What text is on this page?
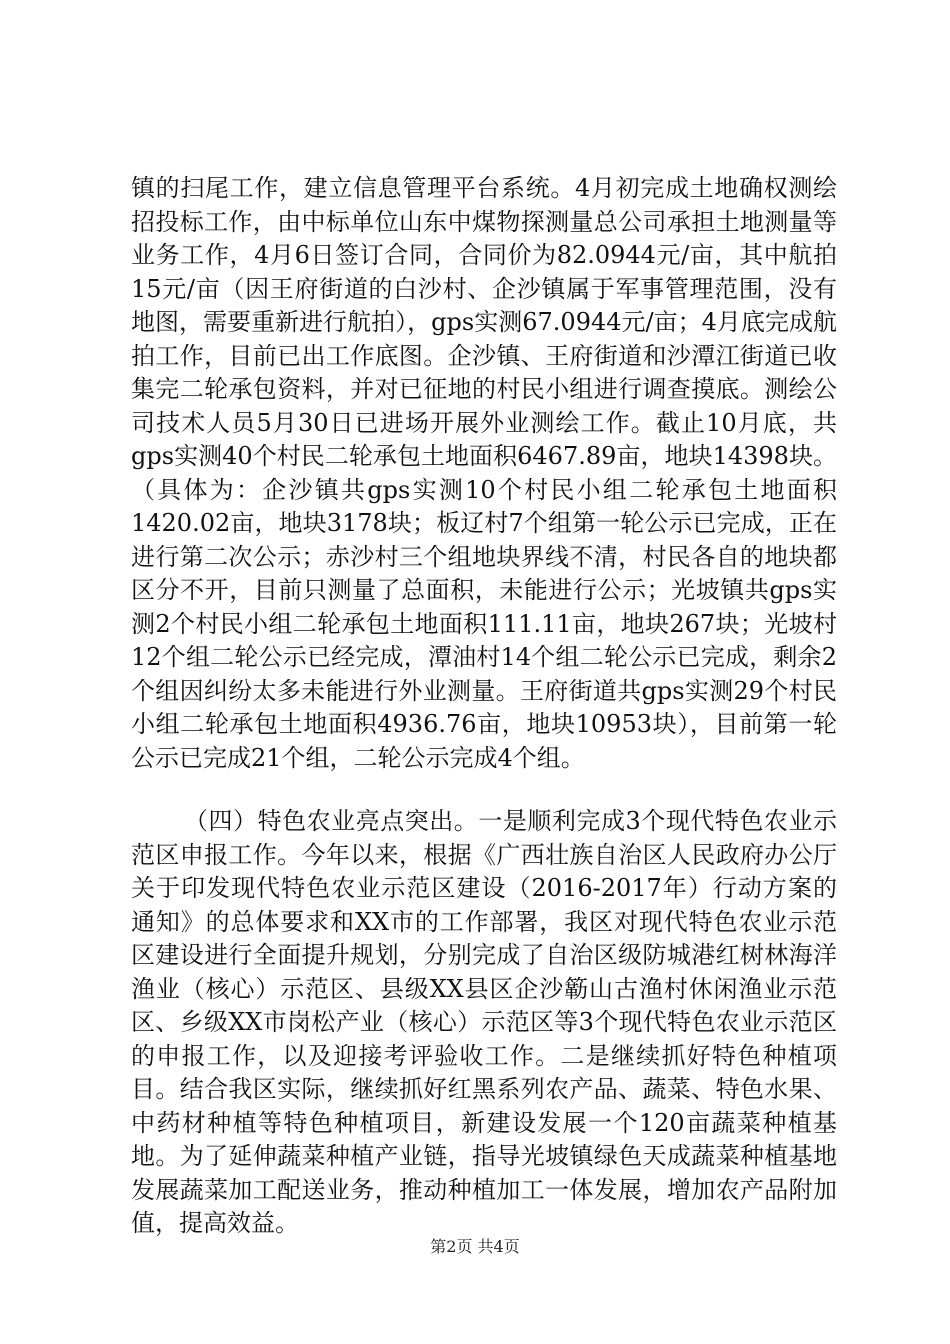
镇的扫尾工作，建立信息管理平台系统。4月初完成土地确权测绘招投标工作，由中标单位山东中煤物探测量总公司承担土地测量等业务工作，4月6日签订合同，合同价为82.0944元/亩，其中航拍15元/亩（因王府街道的白沙村、企沙镇属于军事管理范围，没有地图，需要重新进行航拍），gps实测67.0944元/亩；4月底完成航拍工作，目前已出工作底图。企沙镇、王府街道和沙潭江街道已收集完二轮承包资料，并对已征地的村民小组进行调查摸底。测绘公司技术人员5月30日已进场开展外业测绘工作。截止10月底，共gps实测40个村民二轮承包土地面积6467.89亩，地块14398块。（具体为：企沙镇共gps实测10个村民小组二轮承包土地面积1420.02亩，地块3178块；板辽村7个组第一轮公示已完成，正在进行第二次公示；赤沙村三个组地块界线不清，村民各自的地块都区分不开，目前只测量了总面积，未能进行公示；光坡镇共gps实测2个村民小组二轮承包土地面积111.11亩，地块267块；光坡村12个组二轮公示已经完成，潭油村14个组二轮公示已完成，剩余2个组因纠纷太多未能进行外业测量。王府街道共gps实测29个村民小组二轮承包土地面积4936.76亩，地块10953块），目前第一轮公示已完成21个组，二轮公示完成4个组。

（四）特色农业亮点突出。一是顺利完成3个现代特色农业示范区申报工作。今年以来，根据《广西壮族自治区人民政府办公厅关于印发现代特色农业示范区建设（2016-2017年）行动方案的通知》的总体要求和XX市的工作部署，我区对现代特色农业示范区建设进行全面提升规划，分别完成了自治区级防城港红树林海洋渔业（核心）示范区、县级XX县区企沙簕山古渔村休闲渔业示范区、乡级XX市岗松产业（核心）示范区等3个现代特色农业示范区的申报工作，以及迎接考评验收工作。二是继续抓好特色种植项目。结合我区实际，继续抓好红黑系列农产品、蔬菜、特色水果、中药材种植等特色种植项目，新建设发展一个120亩蔬菜种植基地。为了延伸蔬菜种植产业链，指导光坡镇绿色天成蔬菜种植基地发展蔬菜加工配送业务，推动种植加工一体发展，增加农产品附加值，提高效益。

第2页 共4页
